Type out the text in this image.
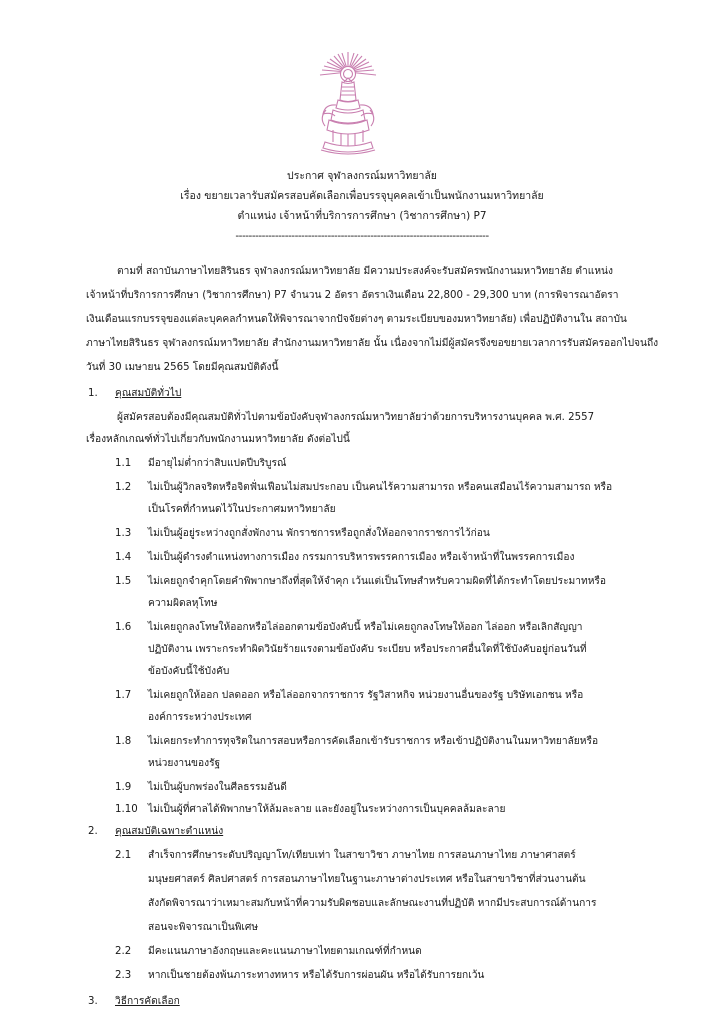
ประกาศ จุฬาลงกรณ์มหาวิทยาลัย
เรื่อง ขยายเวลารับสมัครสอบคัดเลือกเพื่อบรรจุบุคคลเข้าเป็นพนักงานมหาวิทยาลัย
ตำแหน่ง เจ้าหน้าที่บริการการศึกษา (วิชาการศึกษา) P7
-----------------------------------------------------------------------------
ตามที่ สถาบันภาษาไทยสิรินธร จุฬาลงกรณ์มหาวิทยาลัย มีความประสงค์จะรับสมัครพนักงานมหาวิทยาลัย ตำแหน่ง
เจ้าหน้าที่บริการการศึกษา (วิชาการศึกษา) P7 จำนวน 2 อัตรา อัตราเงินเดือน 22,800 - 29,300 บาท (การพิจารณาอัตรา
เงินเดือนแรกบรรจุของแต่ละบุคคลกำหนดให้พิจารณาจากปัจจัยต่างๆ ตามระเบียบของมหาวิทยาลัย) เพื่อปฏิบัติงานใน สถาบัน
ภาษาไทยสิรินธร จุฬาลงกรณ์มหาวิทยาลัย สำนักงานมหาวิทยาลัย นั้น เนื่องจากไม่มีผู้สมัครจึงขอขยายเวลาการรับสมัครออกไปจนถึง
วันที่ 30 เมษายน 2565 โดยมีคุณสมบัติดังนี้
1. คุณสมบัติทั่วไป
ผู้สมัครสอบต้องมีคุณสมบัติทั่วไปตามข้อบังคับจุฬาลงกรณ์มหาวิทยาลัยว่าด้วยการบริหารงานบุคคล พ.ศ. 2557
เรื่องหลักเกณฑ์ทั่วไปเกี่ยวกับพนักงานมหาวิทยาลัย ดังต่อไปนี้
1.1 มีอายุไม่ต่ำกว่าสิบแปดปีบริบูรณ์
1.2 ไม่เป็นผู้วิกลจริตหรือจิตฟั่นเฟือนไม่สมประกอบ เป็นคนไร้ความสามารถ หรือคนเสมือนไร้ความสามารถ หรือ
เป็นโรคที่กำหนดไว้ในประกาศมหาวิทยาลัย
1.3 ไม่เป็นผู้อยู่ระหว่างถูกสั่งพักงาน พักราชการหรือถูกสั่งให้ออกจากราชการไว้ก่อน
1.4 ไม่เป็นผู้ดำรงตำแหน่งทางการเมือง กรรมการบริหารพรรคการเมือง หรือเจ้าหน้าที่ในพรรคการเมือง
1.5 ไม่เคยถูกจำคุกโดยคำพิพากษาถึงที่สุดให้จำคุก เว้นแต่เป็นโทษสำหรับความผิดที่ได้กระทำโดยประมาทหรือ
ความผิดลหุโทษ
1.6 ไม่เคยถูกลงโทษให้ออกหรือไล่ออกตามข้อบังคับนี้ หรือไม่เคยถูกลงโทษให้ออก ไล่ออก หรือเลิกสัญญา
ปฏิบัติงาน เพราะกระทำผิดวินัยร้ายแรงตามข้อบังคับ ระเบียบ หรือประกาศอื่นใดที่ใช้บังคับอยู่ก่อนวันที่
ข้อบังคับนี้ใช้บังคับ
1.7 ไม่เคยถูกให้ออก ปลดออก หรือไล่ออกจากราชการ รัฐวิสาหกิจ หน่วยงานอื่นของรัฐ บริษัทเอกชน หรือ
องค์การระหว่างประเทศ
1.8 ไม่เคยกระทำการทุจริตในการสอบหรือการคัดเลือกเข้ารับราชการ หรือเข้าปฏิบัติงานในมหาวิทยาลัยหรือ
หน่วยงานของรัฐ
1.9 ไม่เป็นผู้บกพร่องในศีลธรรมอันดี
1.10 ไม่เป็นผู้ที่ศาลได้พิพากษาให้ล้มละลาย และยังอยู่ในระหว่างการเป็นบุคคลล้มละลาย
2. คุณสมบัติเฉพาะตำแหน่ง
2.1 สำเร็จการศึกษาระดับปริญญาโท/เทียบเท่า ในสาขาวิชา ภาษาไทย การสอนภาษาไทย ภาษาศาสตร์
มนุษยศาสตร์ ศิลปศาสตร์ การสอนภาษาไทยในฐานะภาษาต่างประเทศ หรือในสาขาวิชาที่ส่วนงานต้น
สังกัดพิจารณาว่าเหมาะสมกับหน้าที่ความรับผิดชอบและลักษณะงานที่ปฏิบัติ หากมีประสบการณ์ด้านการ
สอนจะพิจารณาเป็นพิเศษ
2.2 มีคะแนนภาษาอังกฤษและคะแนนภาษาไทยตามเกณฑ์ที่กำหนด
2.3 หากเป็นชายต้องพ้นภาระทางทหาร หรือได้รับการผ่อนผัน หรือได้รับการยกเว้น
3. วิธีการคัดเลือก
